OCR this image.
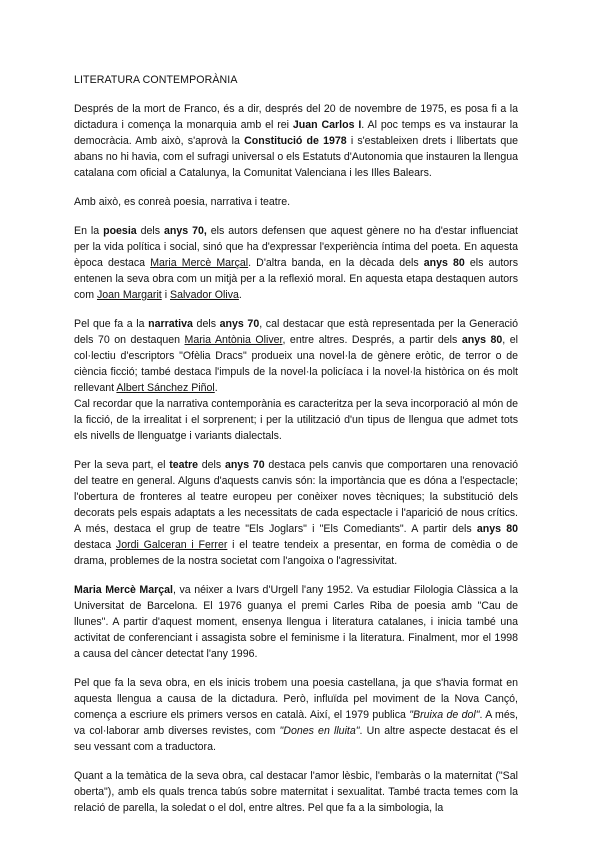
LITERATURA CONTEMPORÀNIA

Després de la mort de Franco, és a dir, després del 20 de novembre de 1975, es posa fi a la dictadura i comença la monarquia amb el rei Juan Carlos I. Al poc temps es va instaurar la democràcia. Amb això, s'aprovà la Constitució de 1978 i s'estableixen drets i llibertats que abans no hi havia, com el sufragi universal o els Estatuts d'Autonomia que instauren la llengua catalana com oficial a Catalunya, la Comunitat Valenciana i les Illes Balears.

Amb això, es conreà poesia, narrativa i teatre.

En la poesia dels anys 70, els autors defensen que aquest gènere no ha d'estar influenciat per la vida política i social, sinó que ha d'expressar l'experiència íntima del poeta. En aquesta època destaca Maria Mercè Marçal. D'altra banda, en la dècada dels anys 80 els autors entenen la seva obra com un mitjà per a la reflexió moral. En aquesta etapa destaquen autors com Joan Margarit i Salvador Oliva.

Pel que fa a la narrativa dels anys 70, cal destacar que està representada per la Generació dels 70 on destaquen Maria Antònia Oliver, entre altres. Després, a partir dels anys 80, el col·lectiu d'escriptors "Ofèlia Dracs" produeix una novel·la de gènere eròtic, de terror o de ciència ficció; també destaca l'impuls de la novel·la policíaca i la novel·la històrica on és molt rellevant Albert Sánchez Piñol.

Cal recordar que la narrativa contemporània es caracteritza per la seva incorporació al món de la ficció, de la irrealitat i el sorprenent; i per la utilització d'un tipus de llengua que admet tots els nivells de llenguatge i variants dialectals.

Per la seva part, el teatre dels anys 70 destaca pels canvis que comportaren una renovació del teatre en general. Alguns d'aquests canvis són: la importància que es dóna a l'espectacle; l'obertura de fronteres al teatre europeu per conèixer noves tècniques; la substitució dels decorats pels espais adaptats a les necessitats de cada espectacle i l'aparició de nous crítics. A més, destaca el grup de teatre "Els Joglars" i "Els Comediants". A partir dels anys 80 destaca Jordi Galceran i Ferrer i el teatre tendeix a presentar, en forma de comèdia o de drama, problemes de la nostra societat com l'angoixa o l'agressivitat.

Maria Mercè Marçal, va néixer a Ivars d'Urgell l'any 1952. Va estudiar Filologia Clàssica a la Universitat de Barcelona. El 1976 guanya el premi Carles Riba de poesia amb "Cau de llunes". A partir d'aquest moment, ensenya llengua i literatura catalanes, i inicia també una activitat de conferenciant i assagista sobre el feminisme i la literatura. Finalment, mor el 1998 a causa del càncer detectat l'any 1996.

Pel que fa la seva obra, en els inicis trobem una poesia castellana, ja que s'havia format en aquesta llengua a causa de la dictadura. Però, influïda pel moviment de la Nova Cançó, comença a escriure els primers versos en català. Així, el 1979 publica "Bruixa de dol". A més, va col·laborar amb diverses revistes, com "Dones en lluita". Un altre aspecte destacat és el seu vessant com a traductora.

Quant a la temàtica de la seva obra, cal destacar l'amor lèsbic, l'embaràs o la maternitat ("Sal oberta"), amb els quals trenca tabús sobre maternitat i sexualitat. També tracta temes com la relació de parella, la soledat o el dol, entre altres. Pel que fa a la simbologia, la
